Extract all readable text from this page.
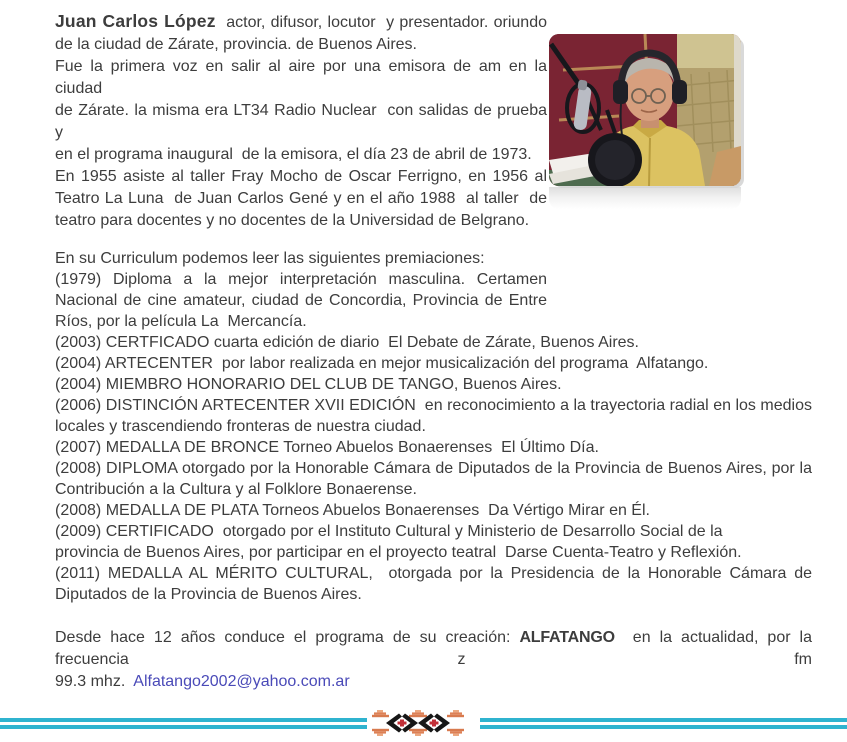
Juan Carlos López  actor, difusor, locutor  y presentador. oriundo
de la ciudad de Zárate, provincia. de Buenos Aires.
Fue la primera voz en salir al aire por una emisora de am en la ciudad
de Zárate. la misma era LT34 Radio Nuclear  con salidas de prueba y
en el programa inaugural  de la emisora, el día 23 de abril de 1973.
En 1955 asiste al taller Fray Mocho de Oscar Ferrigno, en 1956 al
Teatro La Luna  de Juan Carlos Gené y en el año 1988  al taller  de
teatro para docentes y no docentes de la Universidad de Belgrano.
En su Curriculum podemos leer las siguientes premiaciones:
(1979) Diploma a la mejor interpretación masculina. Certamen
Nacional de cine amateur, ciudad de Concordia, Provincia de Entre
Ríos, por la película La  Mercancía.
(2003) CERTFICADO cuarta edición de diario  El Debate de Zárate, Buenos Aires.
(2004) ARTECENTER  por labor realizada en mejor musicalización del programa  Alfatango.
(2004) MIEMBRO HONORARIO DEL CLUB DE TANGO, Buenos Aires.
(2006) DISTINCIÓN ARTECENTER XVII EDICIÓN  en reconocimiento a la trayectoria radial en los medios
locales y trascendiendo fronteras de nuestra ciudad.
(2007) MEDALLA DE BRONCE Torneo Abuelos Bonaerenses  El Último Día.
(2008) DIPLOMA otorgado por la Honorable Cámara de Diputados de la Provincia de Buenos Aires, por la
Contribución a la Cultura y al Folklore Bonaerense.
(2008) MEDALLA DE PLATA Torneos Abuelos Bonaerenses  Da Vértigo Mirar en Él.
(2009) CERTIFICADO  otorgado por el Instituto Cultural y Ministerio de Desarrollo Social de la
provincia de Buenos Aires, por participar en el proyecto teatral  Darse Cuenta-Teatro y Reflexión.
(2011) MEDALLA AL MÉRITO CULTURAL,  otorgada por la Presidencia de la Honorable Cámara de
Diputados de la Provincia de Buenos Aires.
Desde hace 12 años conduce el programa de su creación: ALFATANGO  en la actualidad, por la frecuencia z fm
99.3 mhz.  Alfatango2002@yahoo.com.ar
